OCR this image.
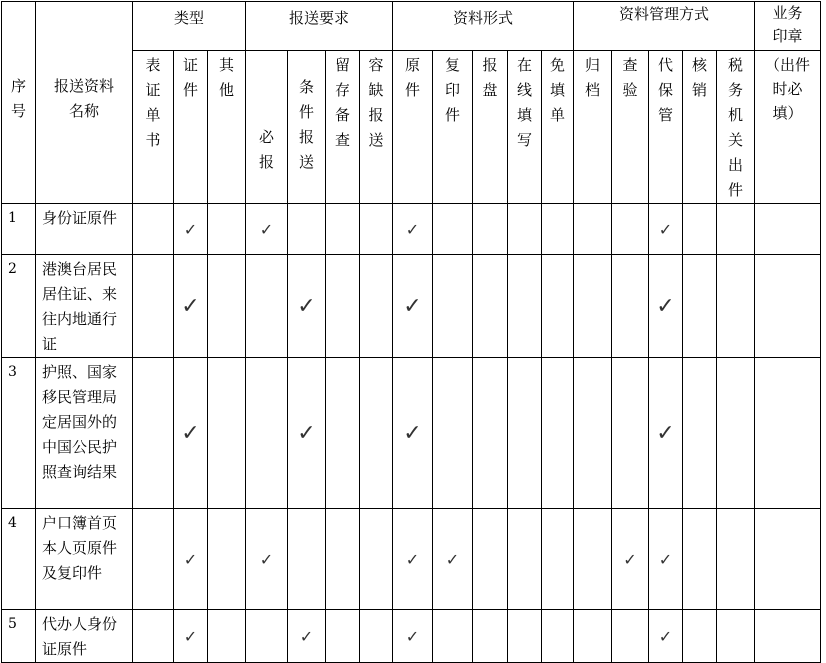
序号	报送资料名称	类型			报送要求				资料形式					资料管理方式					业务印章

		表证单书	证件	其他	必报	条件报送	留存备查	容缺报送	原件	复印件	报盘	在线填写	免填单	归档	查验	代保管	核销	税务机关出件	（出件时必填）

1	身份证原件		✓		✓				✓							✓			
2	港澳台居民居住证、来往内地通行证		✓			✓			✓							✓			
3	护照、国家移民管理局定居国外的中国公民护照查询结果		✓			✓			✓							✓			
4	户口簿首页本人页原件及复印件		✓		✓				✓	✓					✓	✓			
5	代办人身份证原件		✓			✓			✓							✓			
